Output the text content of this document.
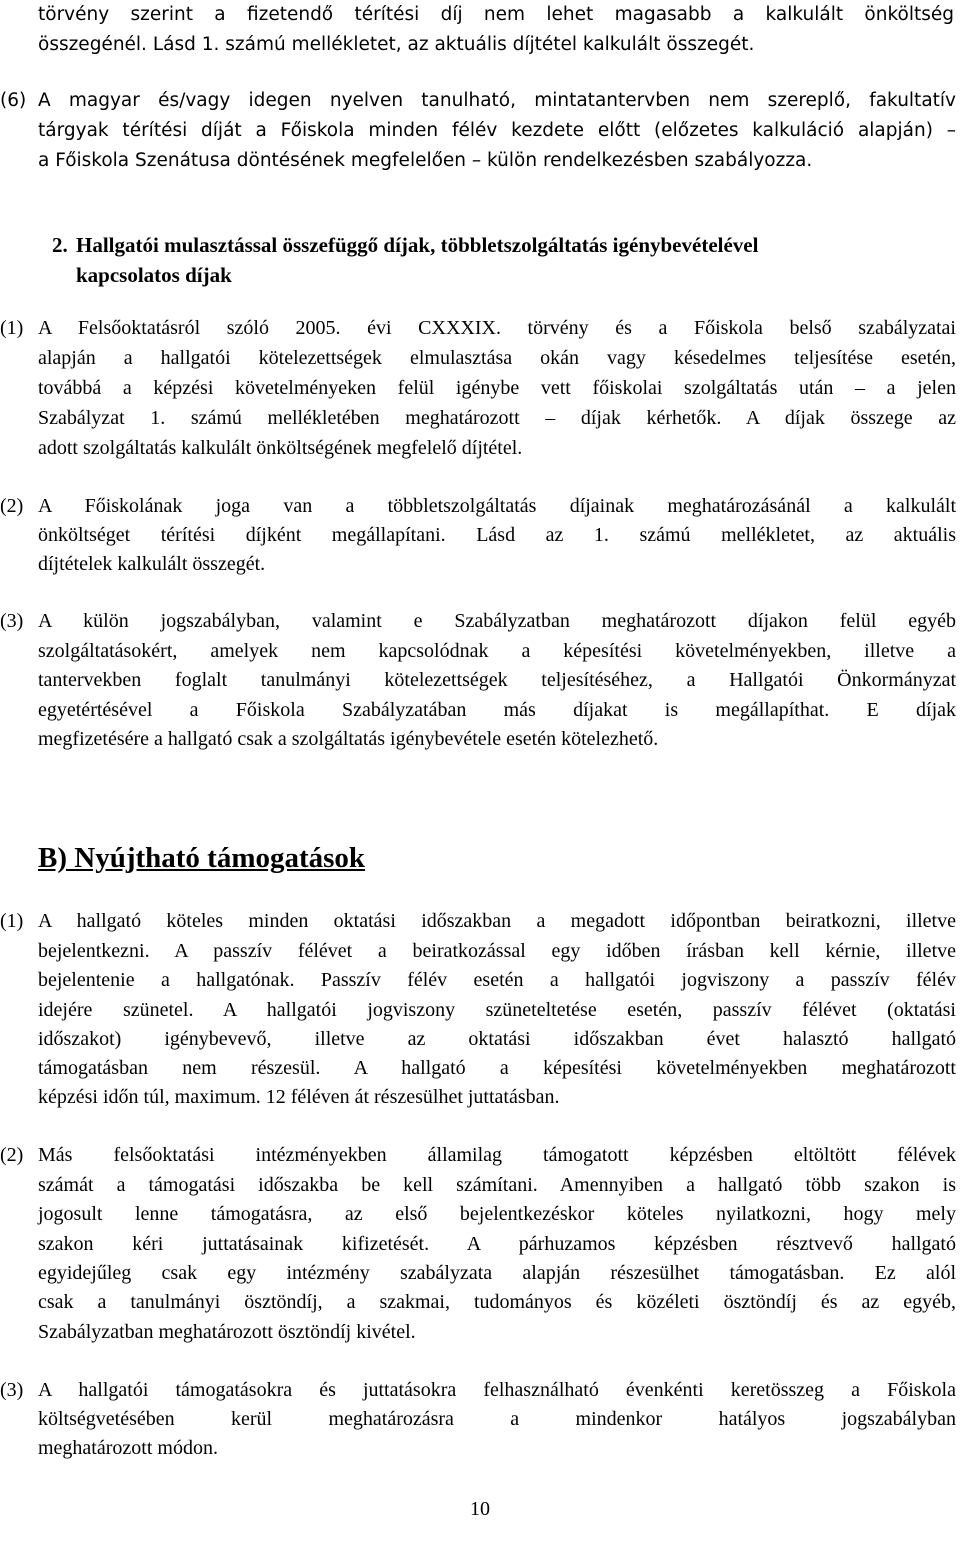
törvény szerint a fizetendő térítési díj nem lehet magasabb a kalkulált önköltség
összegénél. Lásd 1. számú mellékletet, az aktuális díjtétel kalkulált összegét.
(6) A magyar és/vagy idegen nyelven tanulható, mintatantervben nem szereplő, fakultatív
tárgyak térítési díját a Főiskola minden félév kezdete előtt (előzetes kalkuláció alapján) –
a Főiskola Szenátusa döntésének megfelelően – külön rendelkezésben szabályozza.
2. Hallgatói mulasztással összefüggő díjak, többletszolgáltatás igénybevételével
kapcsolatos díjak
(1) A Felsőoktatásról szóló 2005. évi CXXXIX. törvény és a Főiskola belső szabályzatai
alapján a hallgatói kötelezettségek elmulasztása okán vagy késedelmes teljesítése esetén,
továbbá a képzési követelményeken felül igénybe vett főiskolai szolgáltatás után – a jelen
Szabályzat 1. számú mellékletében meghatározott – díjak kérhetők. A díjak összege az
adott szolgáltatás kalkulált önköltségének megfelelő díjtétel.
(2) A Főiskolának joga van a többletszolgáltatás díjainak meghatározásánál a kalkulált
önköltséget térítési díjként megállapítani. Lásd az 1. számú mellékletet, az aktuális
díjtételek kalkulált összegét.
(3) A külön jogszabályban, valamint e Szabályzatban meghatározott díjakon felül egyéb
szolgáltatásokért, amelyek nem kapcsolódnak a képesítési követelményekben, illetve a
tantervekben foglalt tanulmányi kötelezettségek teljesítéséhez, a Hallgatói Önkormányzat
egyetértésével a Főiskola Szabályzatában más díjakat is megállapíthat. E díjak
megfizetésére a hallgató csak a szolgáltatás igénybevétele esetén kötelezhető.
B) Nyújtható támogatások
(1) A hallgató köteles minden oktatási időszakban a megadott időpontban beiratkozni, illetve
bejelentkezni. A passzív félévet a beiratkozással egy időben írásban kell kérnie, illetve
bejelentenie a hallgatónak. Passzív félév esetén a hallgatói jogviszony a passzív félév
idejére szünetel. A hallgatói jogviszony szüneteltetése esetén, passzív félévet (oktatási
időszakot) igénybevevő, illetve az oktatási időszakban évet halasztó hallgató
támogatásban nem részesül. A hallgató a képesítési követelményekben meghatározott
képzési időn túl, maximum. 12 féléven át részesülhet juttatásban.
(2) Más felsőoktatási intézményekben államilag támogatott képzésben eltöltött félévek
számát a támogatási időszakba be kell számítani. Amennyiben a hallgató több szakon is
jogosult lenne támogatásra, az első bejelentkezéskor köteles nyilatkozni, hogy mely
szakon kéri juttatásainak kifizetését. A párhuzamos képzésben résztvevő hallgató
egyidejűleg csak egy intézmény szabályzata alapján részesülhet támogatásban. Ez alól
csak a tanulmányi ösztöndíj, a szakmai, tudományos és közéleti ösztöndíj és az egyéb,
Szabályzatban meghatározott ösztöndíj kivétel.
(3) A hallgatói támogatásokra és juttatásokra felhasználható évenkénti keretösszeg a Főiskola
költségvetésében kerül meghatározásra a mindenkor hatályos jogszabályban
meghatározott módon.
10
